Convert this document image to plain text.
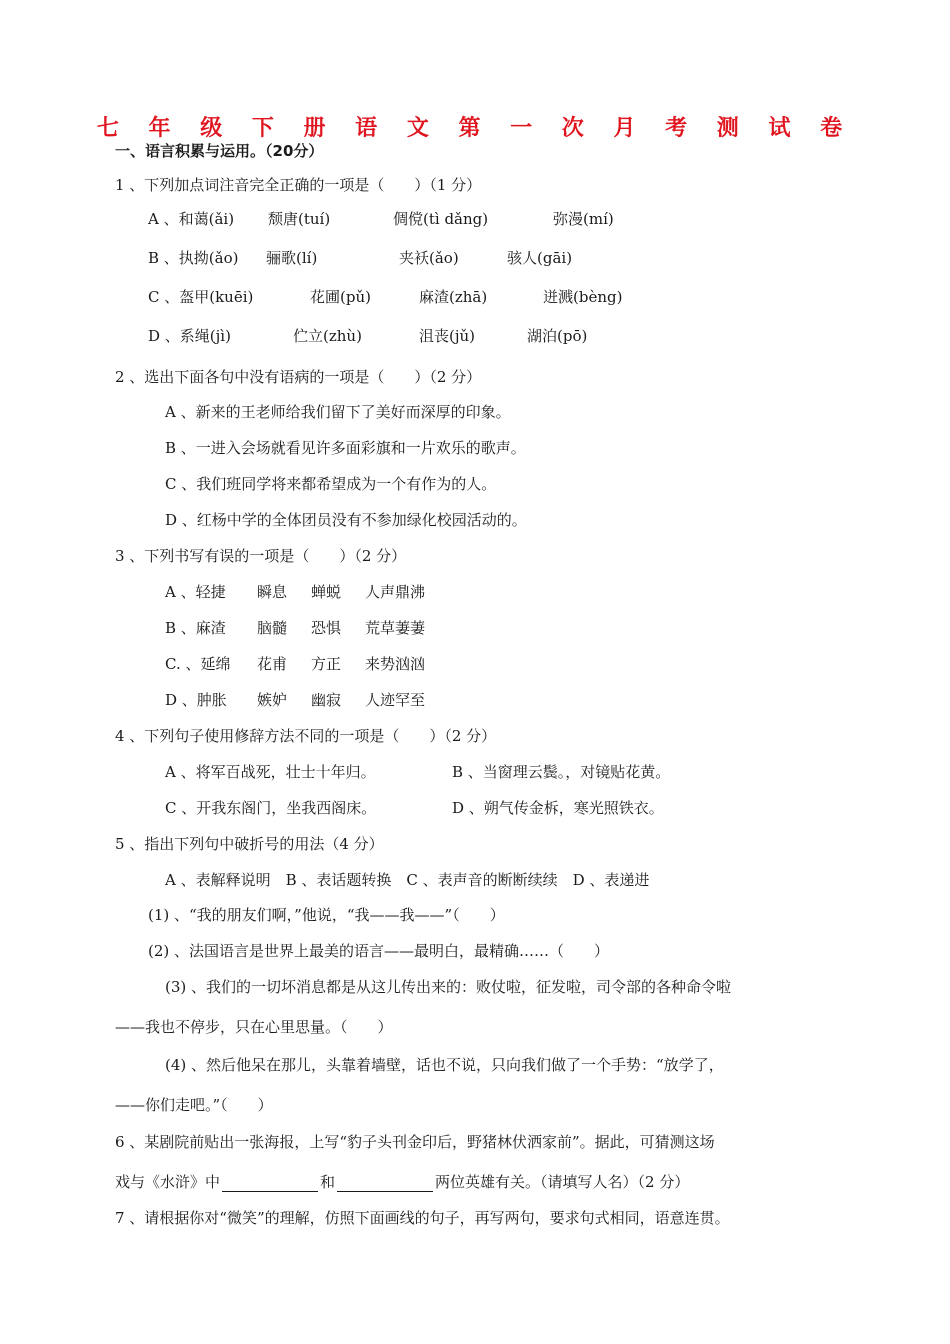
七 年 级 下 册 语 文 第 一 次 月 考 测 试 卷
一、语言积累与运用。（20分）
1 、下列加点词注音完全正确的一项是（　　）（1 分）
A 、和蔼(ǎi) 颓唐(tuí)	倜傥(tì dǎng)	弥漫(mí)
B 、执拗(ǎo) 骊歌(lí)	夹袄(ǎo)	骇人(gāi)
C 、盔甲(kuēi)	花圃(pǔ)	麻渣(zhā)	迸溅(bèng)
D 、系绳(jì)	伫立(zhù)	沮丧(jǔ)	湖泊(pō)
2 、选出下面各句中没有语病的一项是（　　）（2 分）
A 、新来的王老师给我们留下了美好而深厚的印象。
B 、一进入会场就看见许多面彩旗和一片欢乐的歌声。
C 、我们班同学将来都希望成为一个有作为的人。
D 、红杨中学的全体团员没有不参加绿化校园活动的。
3 、下列书写有误的一项是（　　）（2 分）
A 、轻捷 瞬息 蝉蜕 人声鼎沸
B 、麻渣 脑髓 恐惧 荒草萋萋
C. 、延绵 花甫 方正 来势汹汹
D 、肿胀 嫉妒 幽寂 人迹罕至
4 、下列句子使用修辞方法不同的一项是（　　）（2 分）
A 、将军百战死，壮士十年归。	B 、当窗理云鬓。，对镜贴花黄。
C 、开我东阁门，坐我西阁床。	D 、朔气传金柝，寒光照铁衣。
5 、指出下列句中破折号的用法（4 分）
A 、表解释说明　B 、表话题转换　C 、表声音的断断续续　D 、表递进
(1) 、“我的朋友们啊，”他说，“我——我——”（　　）
(2) 、法国语言是世界上最美的语言——最明白，最精确……（　　）
(3) 、我们的一切坏消息都是从这儿传出来的：败仗啦，征发啦，司令部的各种命令啦
——我也不停步，只在心里思量。（　　）
(4) 、然后他呆在那儿，头靠着墙壁，话也不说，只向我们做了一个手势：“放学了，
——你们走吧。”（　　）
6 、某剧院前贴出一张海报，上写“豹子头刊金印后，野猪林伏洒家前”。据此，可猜测这场
戏与《水浒》中	和	两位英雄有关。（请填写人名）（2 分）
7 、请根据你对“微笑”的理解，仿照下面画线的句子，再写两句，要求句式相同，语意连贯。
